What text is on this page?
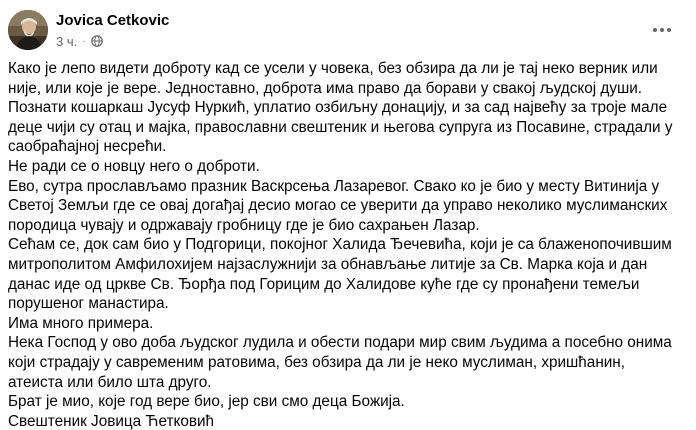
Jovica Cetkovic
3 ч. ·

Како је лепо видети доброту кад се усели у човека, без обзира да ли је тај неко верник или

није, или које је вере. Једноставно, доброта има право да борави у свакој људској души.

Познати кошаркаш Јусуф Нуркић, уплатио озбиљну донацију, и за сад највећу за троје мале

деце чији су отац и мајка, православни свештеник и његова супруга из Посавине, страдали у

саобраћајној несрећи.

Не ради се о новцу него о доброти.

Ево, сутра прослављамо празник Васкрсења Лазаревог. Свако ко је био у месту Витинија у

Светој Земљи где се овај догађај десио могао се уверити да управо неколико муслиманских

породица чувају и одржавају гробницу где је био сахрањен Лазар.

Сећам се, док сам био у Подгорици, покојног Халида Ђечевића, који је са блаженопочившим

митрополитом Амфилохијем најзаслужнији за обнављање литије за Св. Марка која и дан

данас иде од цркве Св. Ђорђа под Горицим до Халидове куће где су пронађени темељи

порушеног манастира.

Има много примера.

Нека Господ у ово доба људског лудила и обести подари мир свим људима а посебно онима

који страдају у савременим ратовима, без обзира да ли је неко муслиман, хришћанин,

атеиста или било шта друго.

Брат је мио, које год вере био, јер сви смо деца Божија.

Свештеник Јовица Ћетковић
